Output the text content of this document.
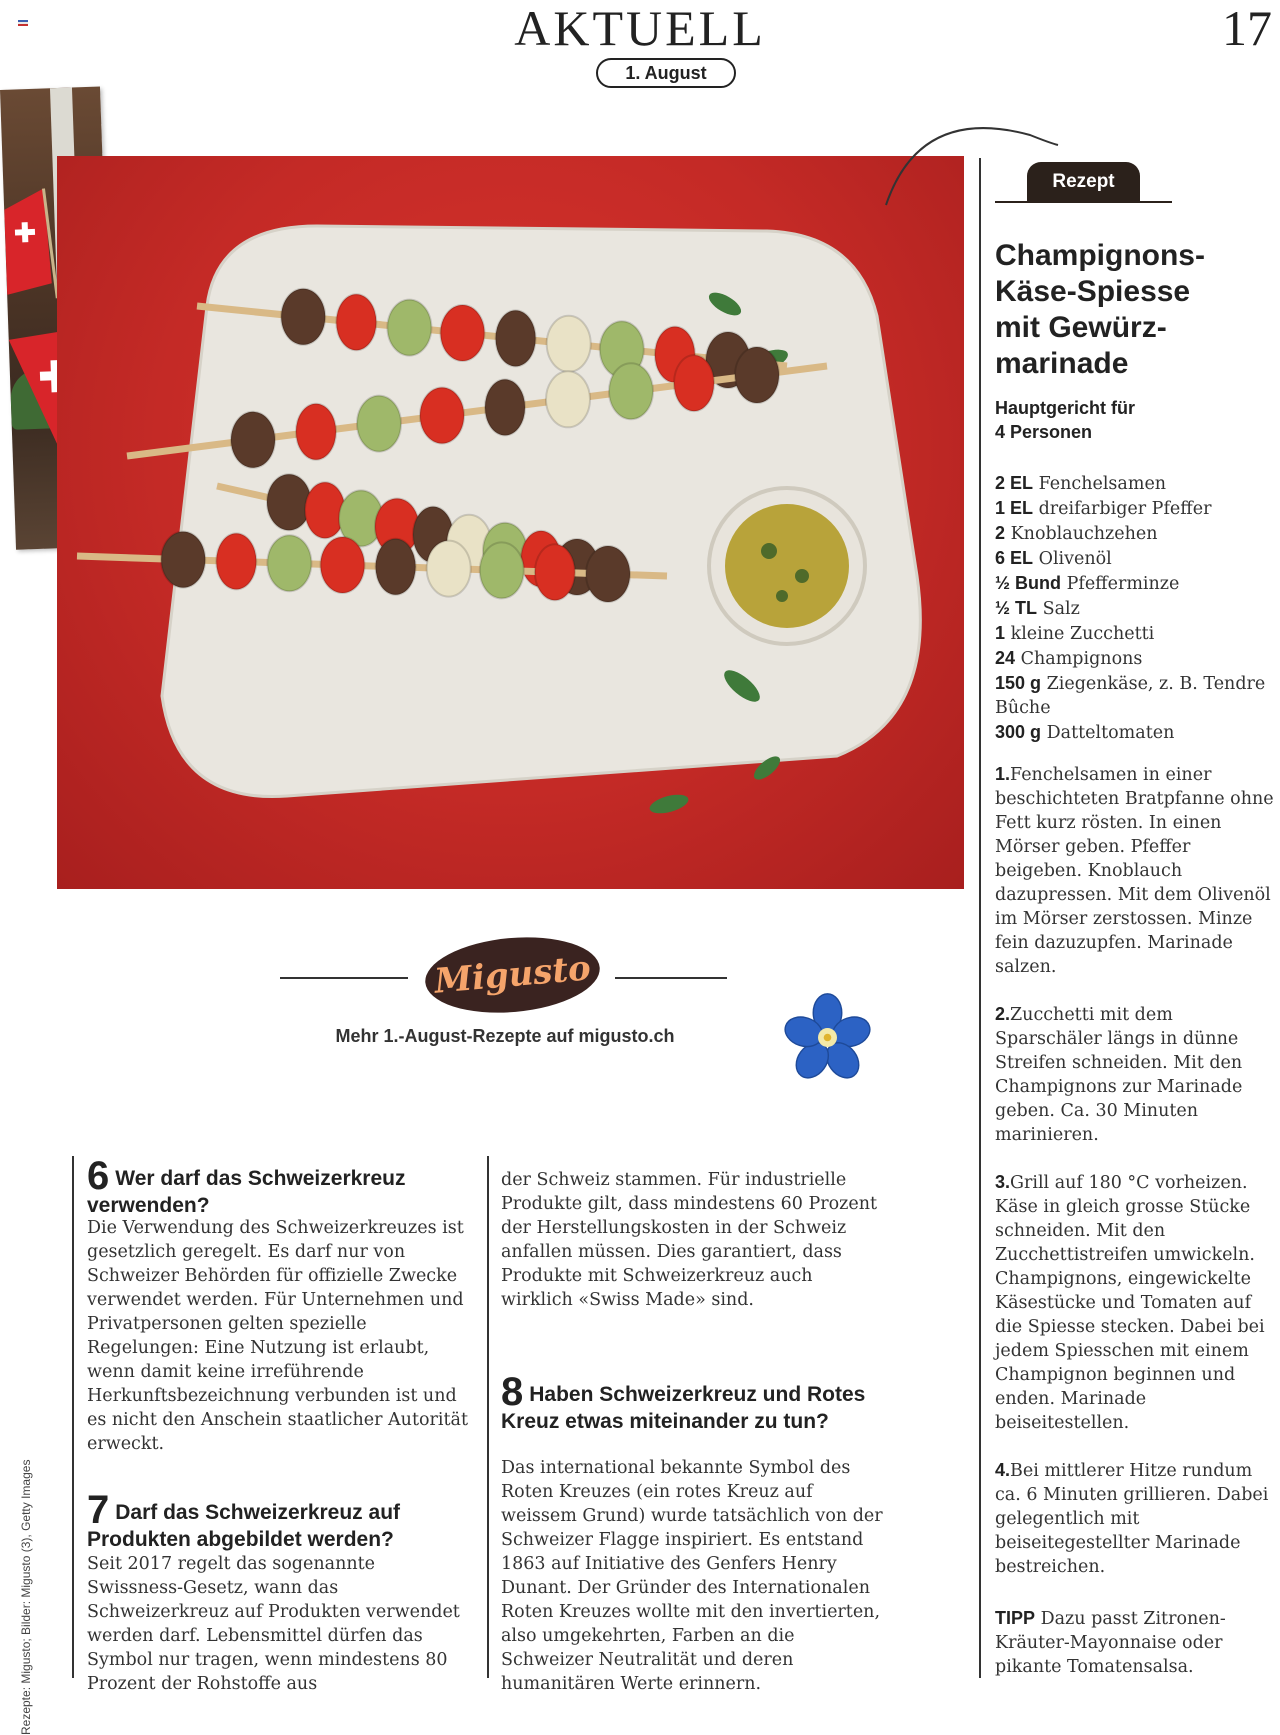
AKTUELL	17
1. August
Rezept
Champignons-
Käse-Spiesse
mit Gewürz-
marinade
Hauptgericht für
4 Personen
2 EL Fenchelsamen
1 EL dreifarbiger Pfeffer
2 Knoblauchzehen
6 EL Olivenöl
½ Bund Pfefferminze
½ TL Salz
1 kleine Zucchetti
24 Champignons
150 g Ziegenkäse, z. B. Tendre Bûche
300 g Datteltomaten
1.Fenchelsamen in einer beschichteten Bratpfanne ohne Fett kurz rösten. In einen Mörser geben. Pfeffer beigeben. Knoblauch dazupressen. Mit dem Olivenöl im Mörser zerstossen. Minze fein dazuzupfen. Marinade salzen.
2.Zucchetti mit dem Sparschäler längs in dünne Streifen schneiden. Mit den Champignons zur Marinade geben. Ca. 30 Minuten marinieren.
3.Grill auf 180 °C vorheizen. Käse in gleich grosse Stücke schneiden. Mit den Zucchettistreifen umwickeln. Champignons, eingewickelte Käsestücke und Tomaten auf die Spiesse stecken. Dabei bei jedem Spiesschen mit einem Champignon beginnen und enden. Marinade beiseitestellen.
4.Bei mittlerer Hitze rundum ca. 6 Minuten grillieren. Dabei gelegentlich mit beiseitegestellter Marinade bestreichen.
TIPP Dazu passt Zitronen-Kräuter-Mayonnaise oder pikante Tomatensalsa.
Migusto
Mehr 1.-August-Rezepte auf migusto.ch
6 Wer darf das Schweizerkreuz verwenden?
Die Verwendung des Schweizerkreuzes ist gesetzlich geregelt. Es darf nur von Schweizer Behörden für offizielle Zwecke verwendet werden. Für Unternehmen und Privatpersonen gelten spezielle Regelungen: Eine Nutzung ist erlaubt, wenn damit keine irreführende Herkunftsbezeichnung verbunden ist und es nicht den Anschein staatlicher Autorität erweckt.
7 Darf das Schweizerkreuz auf Produkten abgebildet werden?
Seit 2017 regelt das sogenannte Swissness-Gesetz, wann das Schweizerkreuz auf Produkten verwendet werden darf. Lebensmittel dürfen das Symbol nur tragen, wenn mindestens 80 Prozent der Rohstoffe aus
der Schweiz stammen. Für industrielle Produkte gilt, dass mindestens 60 Prozent der Herstellungskosten in der Schweiz anfallen müssen. Dies garantiert, dass Produkte mit Schweizerkreuz auch wirklich «Swiss Made» sind.
8 Haben Schweizerkreuz und Rotes Kreuz etwas miteinander zu tun?
Das international bekannte Symbol des Roten Kreuzes (ein rotes Kreuz auf weissem Grund) wurde tatsächlich von der Schweizer Flagge inspiriert. Es entstand 1863 auf Initiative des Genfers Henry Dunant. Der Gründer des Internationalen Roten Kreuzes wollte mit den invertierten, also umgekehrten, Farben an die Schweizer Neutralität und deren humanitären Werte erinnern.
Rezepte: Migusto; Bilder: Migusto (3), Getty Images
